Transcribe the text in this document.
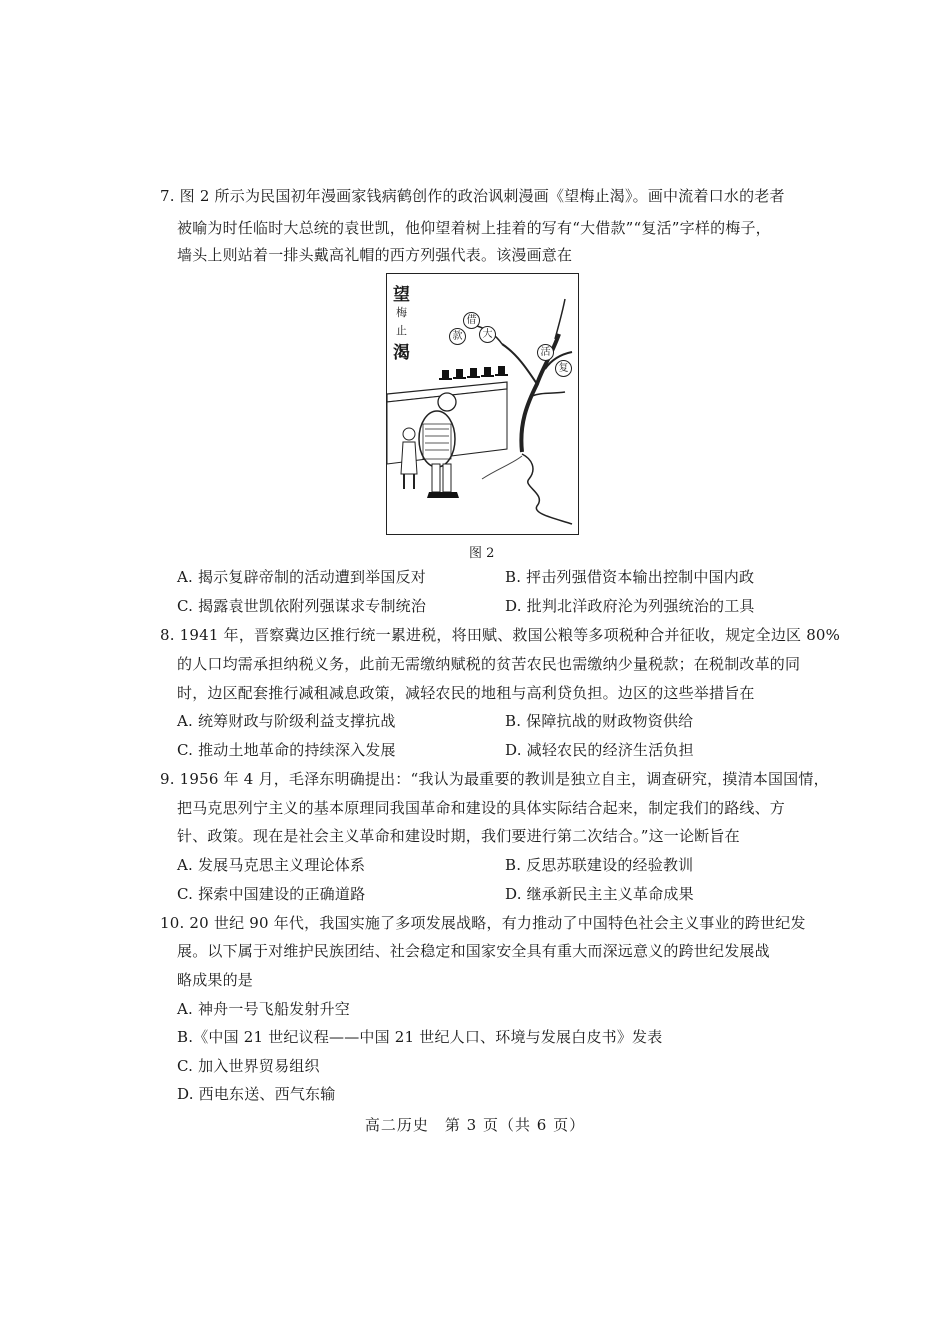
7. 图 2 所示为民国初年漫画家钱病鹤创作的政治讽刺漫画《望梅止渴》。画中流着口水的老者
被喻为时任临时大总统的袁世凯，他仰望着树上挂着的写有“大借款”“复活”字样的梅子，
墙头上则站着一排头戴高礼帽的西方列强代表。该漫画意在
望
梅
止
渴
大
借
款
复
活
图 2
A. 揭示复辟帝制的活动遭到举国反对	B. 抨击列强借资本输出控制中国内政
C. 揭露袁世凯依附列强谋求专制统治	D. 批判北洋政府沦为列强统治的工具
8. 1941 年，晋察冀边区推行统一累进税，将田赋、救国公粮等多项税种合并征收，规定全边区 80%
的人口均需承担纳税义务，此前无需缴纳赋税的贫苦农民也需缴纳少量税款；在税制改革的同
时，边区配套推行减租减息政策，减轻农民的地租与高利贷负担。边区的这些举措旨在
A. 统筹财政与阶级利益支撑抗战	B. 保障抗战的财政物资供给
C. 推动土地革命的持续深入发展	D. 减轻农民的经济生活负担
9. 1956 年 4 月，毛泽东明确提出：“我认为最重要的教训是独立自主，调查研究，摸清本国国情，
把马克思列宁主义的基本原理同我国革命和建设的具体实际结合起来，制定我们的路线、方
针、政策。现在是社会主义革命和建设时期，我们要进行第二次结合。”这一论断旨在
A. 发展马克思主义理论体系	B. 反思苏联建设的经验教训
C. 探索中国建设的正确道路	D. 继承新民主主义革命成果
10. 20 世纪 90 年代，我国实施了多项发展战略，有力推动了中国特色社会主义事业的跨世纪发
展。以下属于对维护民族团结、社会稳定和国家安全具有重大而深远意义的跨世纪发展战
略成果的是
A. 神舟一号飞船发射升空
B.《中国 21 世纪议程——中国 21 世纪人口、环境与发展白皮书》发表
C. 加入世界贸易组织
D. 西电东送、西气东输
高二历史　第 3 页（共 6 页）
